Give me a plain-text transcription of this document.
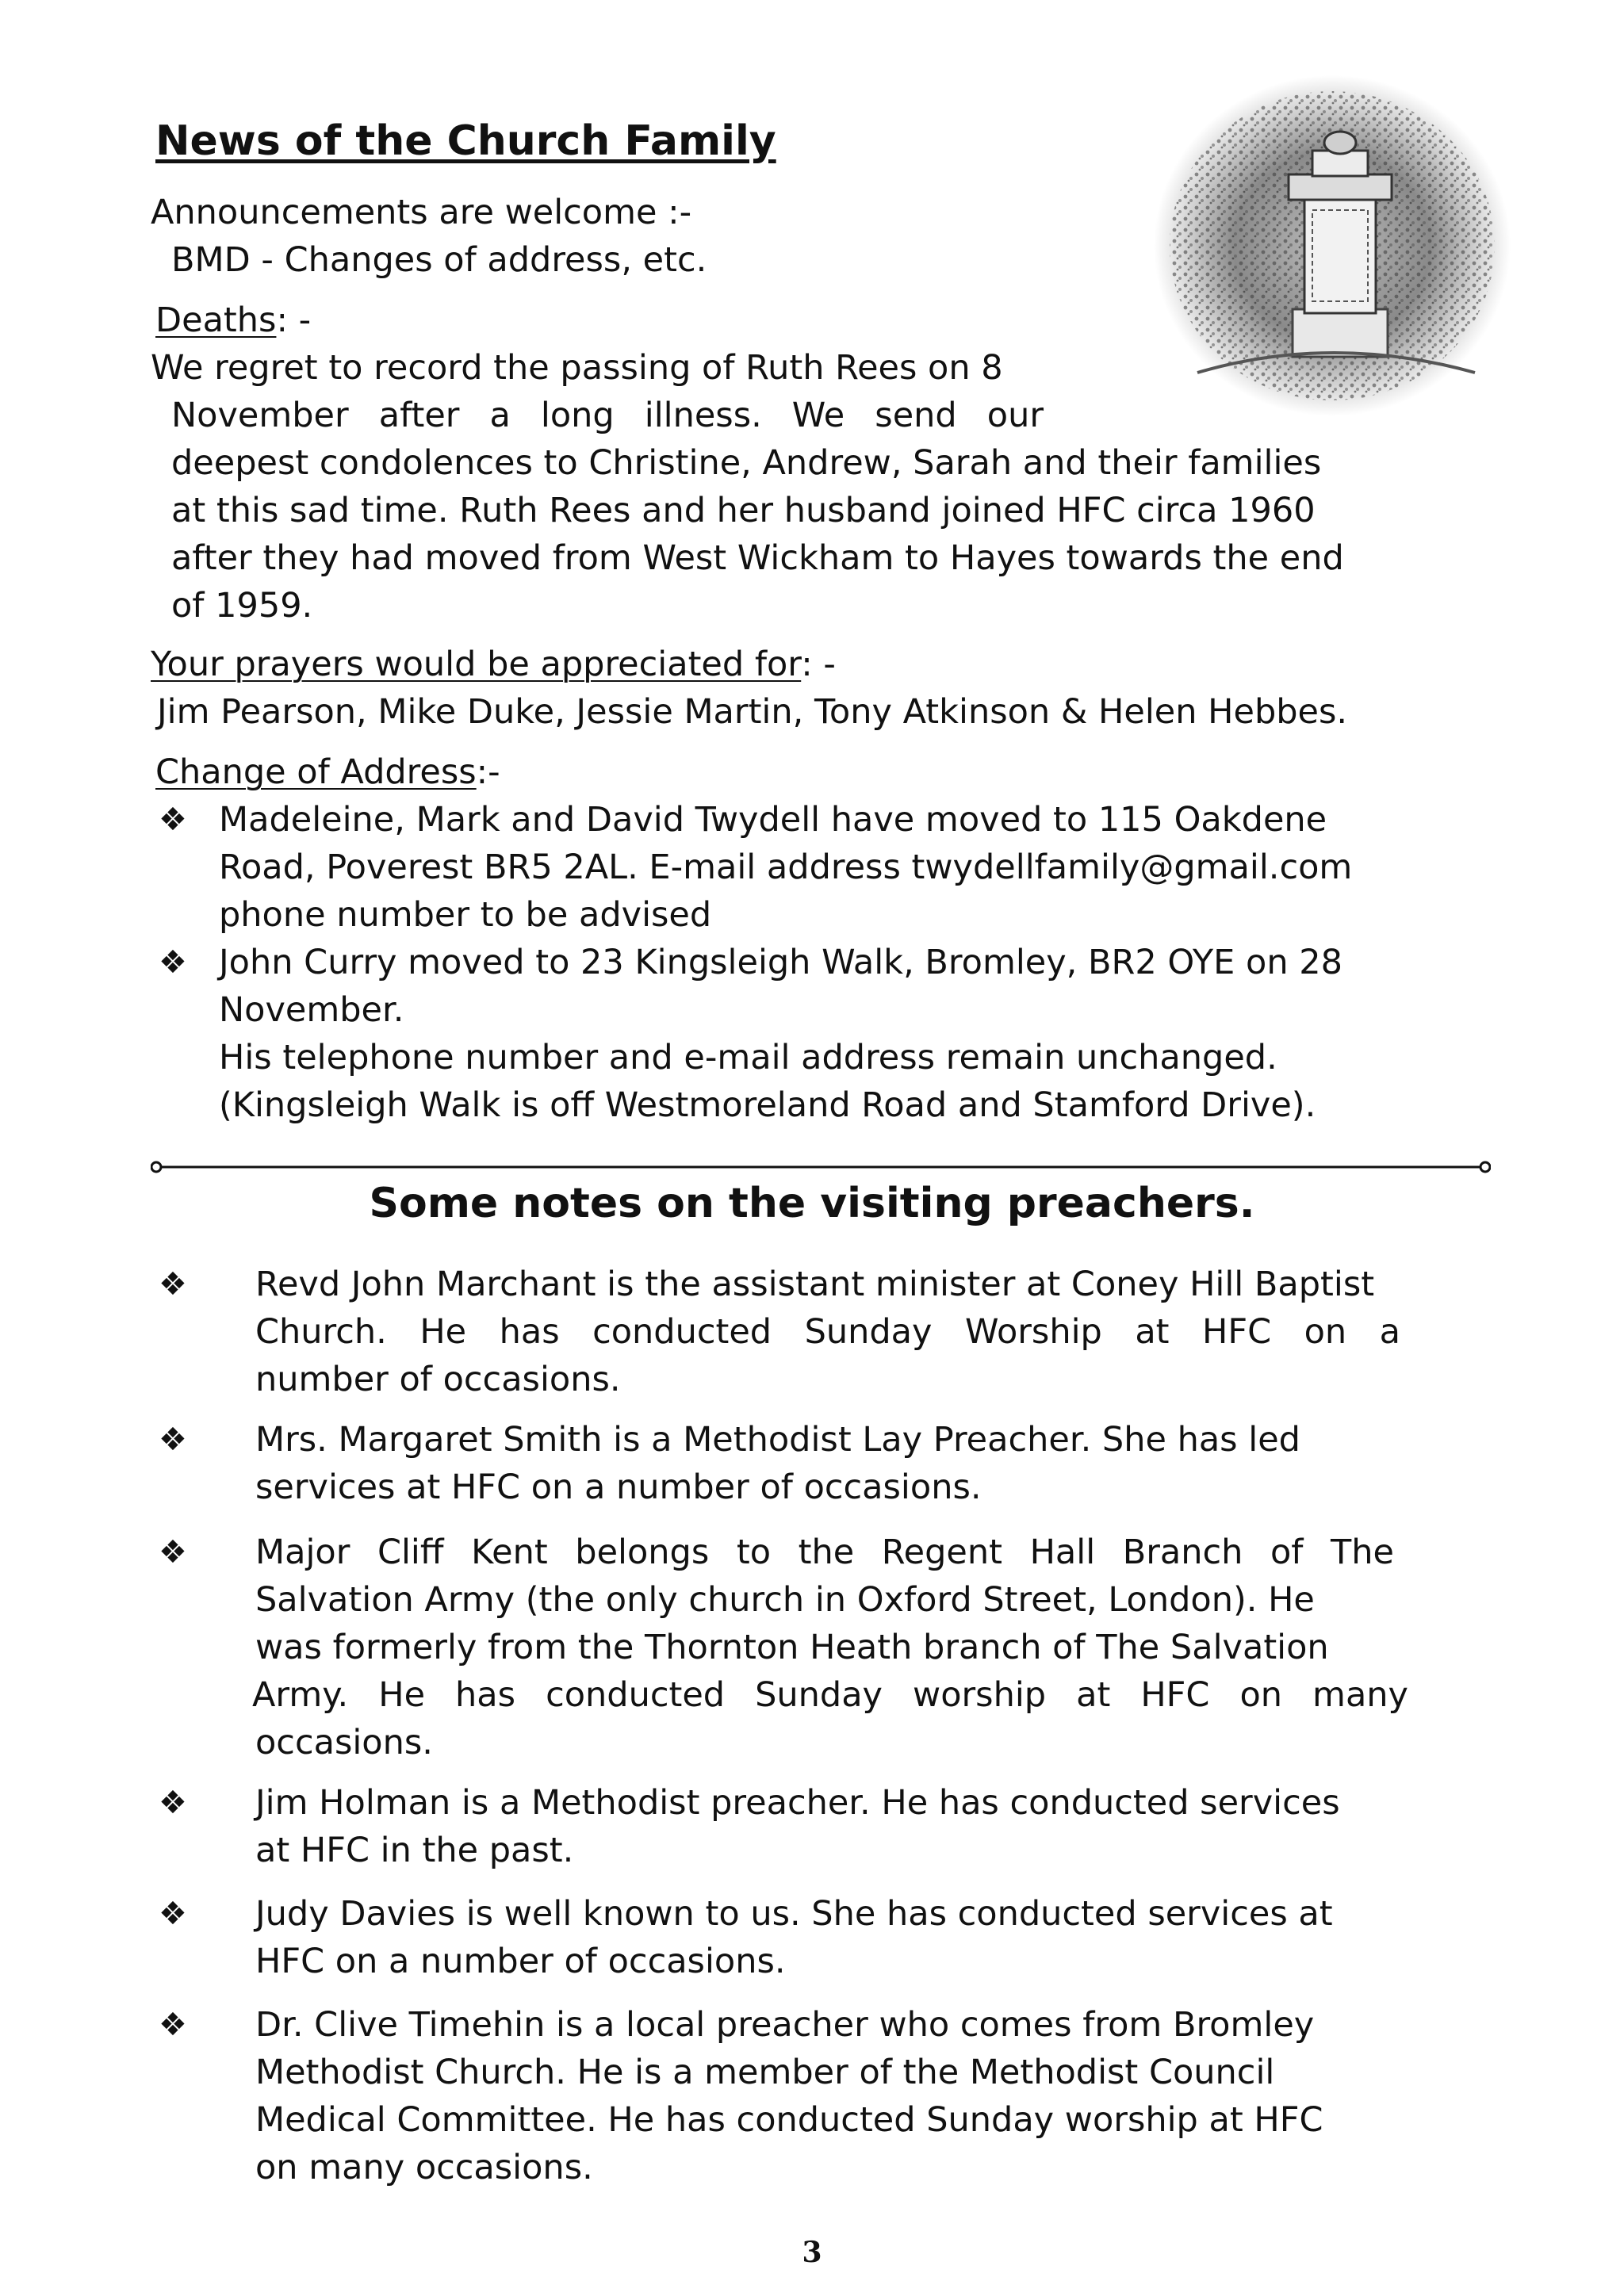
News of the Church Family
Announcements are welcome :-
BMD - Changes of address, etc.
Deaths: -
We regret to record the passing of Ruth Rees on 8
November after a long illness. We send our
deepest condolences to Christine, Andrew, Sarah and their families
at this sad time. Ruth Rees and her husband joined HFC circa 1960
after they had moved from West Wickham to Hayes towards the end
of 1959.
Your prayers would be appreciated for: -
Jim Pearson, Mike Duke, Jessie Martin, Tony Atkinson & Helen Hebbes.
Change of Address:-
❖ Madeleine, Mark and David Twydell have moved to 115 Oakdene
Road, Poverest BR5 2AL. E-mail address twydellfamily@gmail.com
phone number to be advised
❖ John Curry moved to 23 Kingsleigh Walk, Bromley, BR2 OYE on 28
November.
His telephone number and e-mail address remain unchanged.
(Kingsleigh Walk is off Westmoreland Road and Stamford Drive).
Some notes on the visiting preachers.
❖ Revd John Marchant is the assistant minister at Coney Hill Baptist
Church. He has conducted Sunday Worship at HFC on a
number of occasions.
❖ Mrs. Margaret Smith is a Methodist Lay Preacher. She has led
services at HFC on a number of occasions.
❖ Major Cliff Kent belongs to the Regent Hall Branch of The
Salvation Army (the only church in Oxford Street, London). He
was formerly from the Thornton Heath branch of The Salvation
Army. He has conducted Sunday worship at HFC on many
occasions.
❖ Jim Holman is a Methodist preacher. He has conducted services
at HFC in the past.
❖ Judy Davies is well known to us. She has conducted services at
HFC on a number of occasions.
❖ Dr. Clive Timehin is a local preacher who comes from Bromley
Methodist Church. He is a member of the Methodist Council
Medical Committee. He has conducted Sunday worship at HFC
on many occasions.
3
